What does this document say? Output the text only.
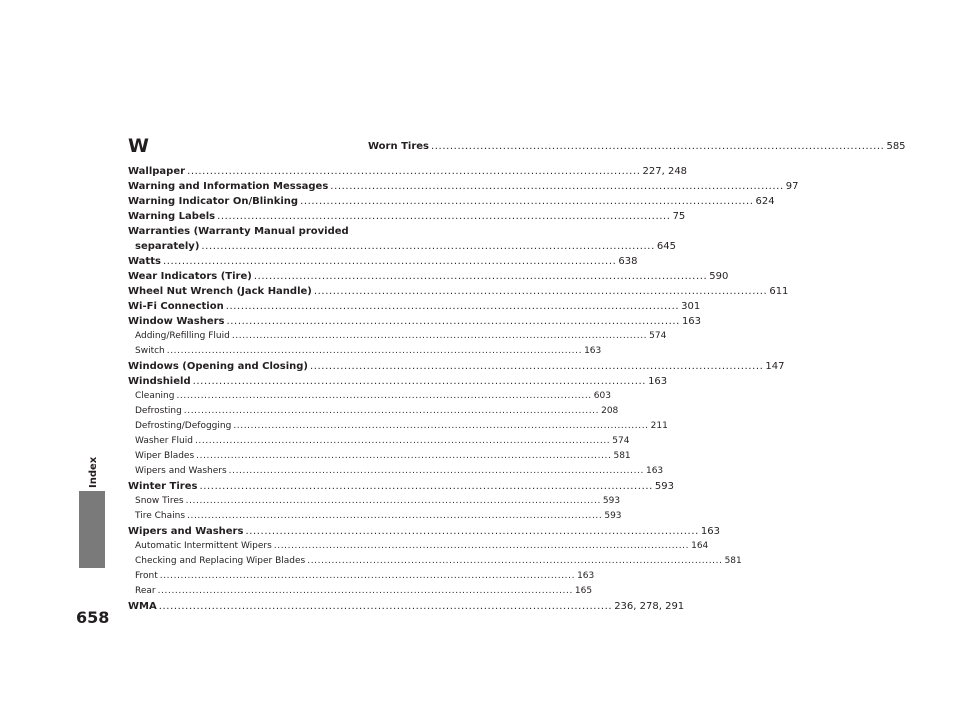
Index
658
W
Wallpaper ........................................................................................................................ 227, 248
Warning and Information Messages ........................................................................................................................ 97
Warning Indicator On/Blinking ........................................................................................................................ 624
Warning Labels ........................................................................................................................ 75
Warranties (Warranty Manual provided
separately) ........................................................................................................................ 645
Watts ........................................................................................................................ 638
Wear Indicators (Tire) ........................................................................................................................ 590
Wheel Nut Wrench (Jack Handle) ........................................................................................................................ 611
Wi-Fi Connection ........................................................................................................................ 301
Window Washers ........................................................................................................................ 163
Adding/Refilling Fluid ........................................................................................................................ 574
Switch ........................................................................................................................ 163
Windows (Opening and Closing) ........................................................................................................................ 147
Windshield ........................................................................................................................ 163
Cleaning ........................................................................................................................ 603
Defrosting ........................................................................................................................ 208
Defrosting/Defogging ........................................................................................................................ 211
Washer Fluid ........................................................................................................................ 574
Wiper Blades ........................................................................................................................ 581
Wipers and Washers ........................................................................................................................ 163
Winter Tires ........................................................................................................................ 593
Snow Tires ........................................................................................................................ 593
Tire Chains ........................................................................................................................ 593
Wipers and Washers ........................................................................................................................ 163
Automatic Intermittent Wipers ........................................................................................................................ 164
Checking and Replacing Wiper Blades ........................................................................................................................ 581
Front ........................................................................................................................ 163
Rear ........................................................................................................................ 165
WMA ........................................................................................................................ 236, 278, 291
Worn Tires ........................................................................................................................ 585
